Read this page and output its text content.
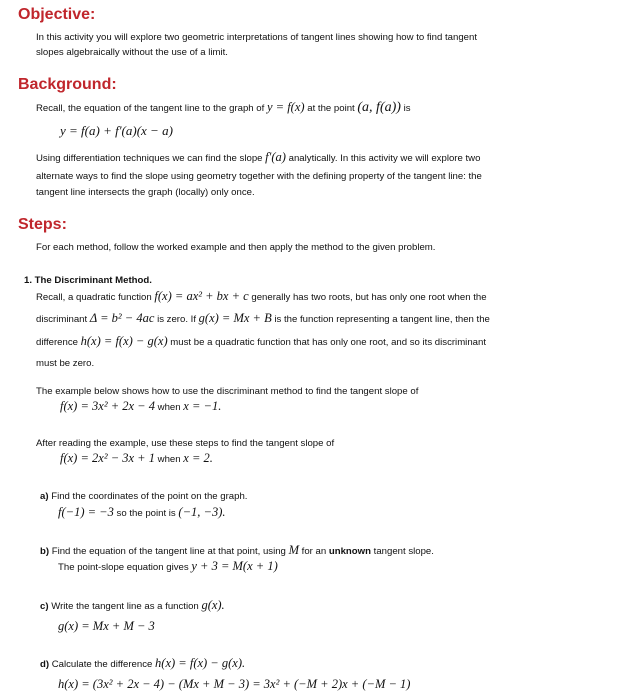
Objective:
In this activity you will explore two geometric interpretations of tangent lines showing how to find tangent
slopes algebraically without the use of a limit.
Background:
Recall, the equation of the tangent line to the graph of y = f(x) at the point (a, f(a)) is
y = f(a) + f′(a)(x − a)
Using differentiation techniques we can find the slope f′(a) analytically. In this activity we will explore two
alternate ways to find the slope using geometry together with the defining property of the tangent line: the
tangent line intersects the graph (locally) only once.
Steps:
For each method, follow the worked example and then apply the method to the given problem.
1. The Discriminant Method.
Recall, a quadratic function f(x) = ax² + bx + c generally has two roots, but has only one root when the
discriminant Δ = b² − 4ac is zero. If g(x) = Mx + B is the function representing a tangent line, then the
difference h(x) = f(x) − g(x) must be a quadratic function that has only one root, and so its discriminant
must be zero.
The example below shows how to use the discriminant method to find the tangent slope of
f(x) = 3x² + 2x − 4 when x = −1.
After reading the example, use these steps to find the tangent slope of
f(x) = 2x² − 3x + 1 when x = 2.
a) Find the coordinates of the point on the graph.
f(−1) = −3 so the point is (−1, −3).
b) Find the equation of the tangent line at that point, using M for an unknown tangent slope.
The point-slope equation gives y + 3 = M(x + 1)
c) Write the tangent line as a function g(x).
g(x) = Mx + M − 3
d) Calculate the difference h(x) = f(x) − g(x).
h(x) = (3x² + 2x − 4) − (Mx + M − 3) = 3x² + (−M + 2)x + (−M − 1)
